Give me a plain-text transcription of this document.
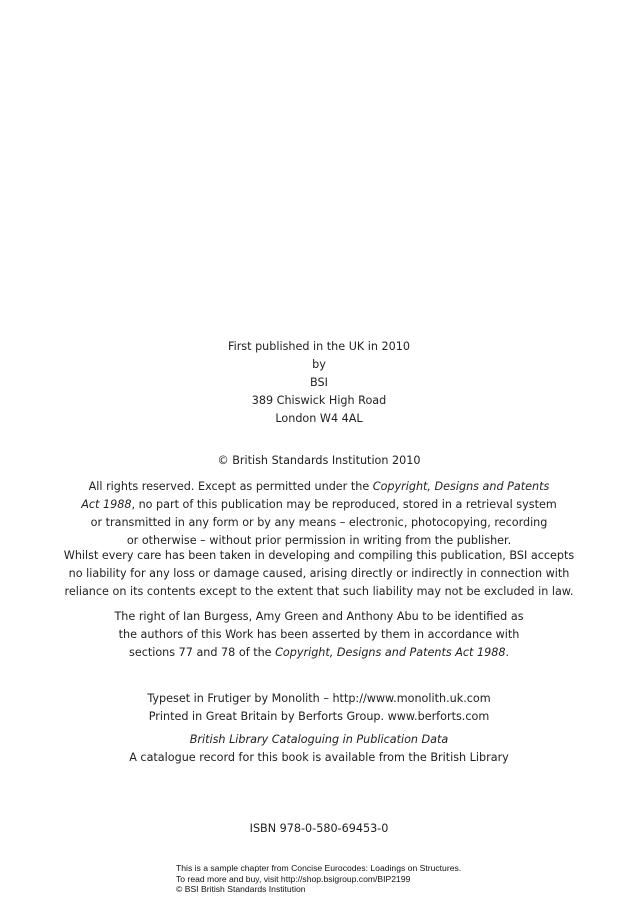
First published in the UK in 2010
by
BSI
389 Chiswick High Road
London W4 4AL
© British Standards Institution 2010
All rights reserved. Except as permitted under the Copyright, Designs and Patents
Act 1988, no part of this publication may be reproduced, stored in a retrieval system
or transmitted in any form or by any means – electronic, photocopying, recording
or otherwise – without prior permission in writing from the publisher.
Whilst every care has been taken in developing and compiling this publication, BSI accepts
no liability for any loss or damage caused, arising directly or indirectly in connection with
reliance on its contents except to the extent that such liability may not be excluded in law.
The right of Ian Burgess, Amy Green and Anthony Abu to be identified as
the authors of this Work has been asserted by them in accordance with
sections 77 and 78 of the Copyright, Designs and Patents Act 1988.
Typeset in Frutiger by Monolith – http://www.monolith.uk.com
Printed in Great Britain by Berforts Group. www.berforts.com
British Library Cataloguing in Publication Data
A catalogue record for this book is available from the British Library
ISBN 978-0-580-69453-0
This is a sample chapter from Concise Eurocodes: Loadings on Structures.
To read more and buy, visit http://shop.bsigroup.com/BIP2199
© BSI British Standards Institution
